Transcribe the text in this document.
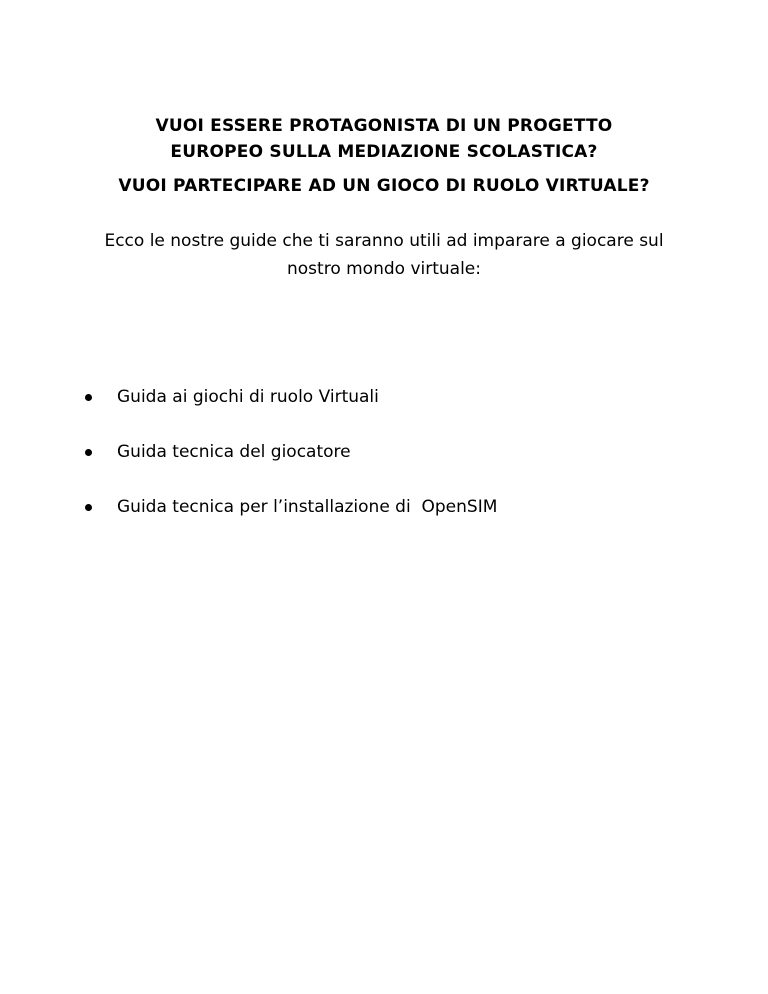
VUOI ESSERE PROTAGONISTA DI UN PROGETTO
EUROPEO SULLA MEDIAZIONE SCOLASTICA?
VUOI PARTECIPARE AD UN GIOCO DI RUOLO VIRTUALE?
Ecco le nostre guide che ti saranno utili ad imparare a giocare sul
nostro mondo virtuale:
Guida ai giochi di ruolo Virtuali
Guida tecnica del giocatore
Guida tecnica per l’installazione di  OpenSIM
